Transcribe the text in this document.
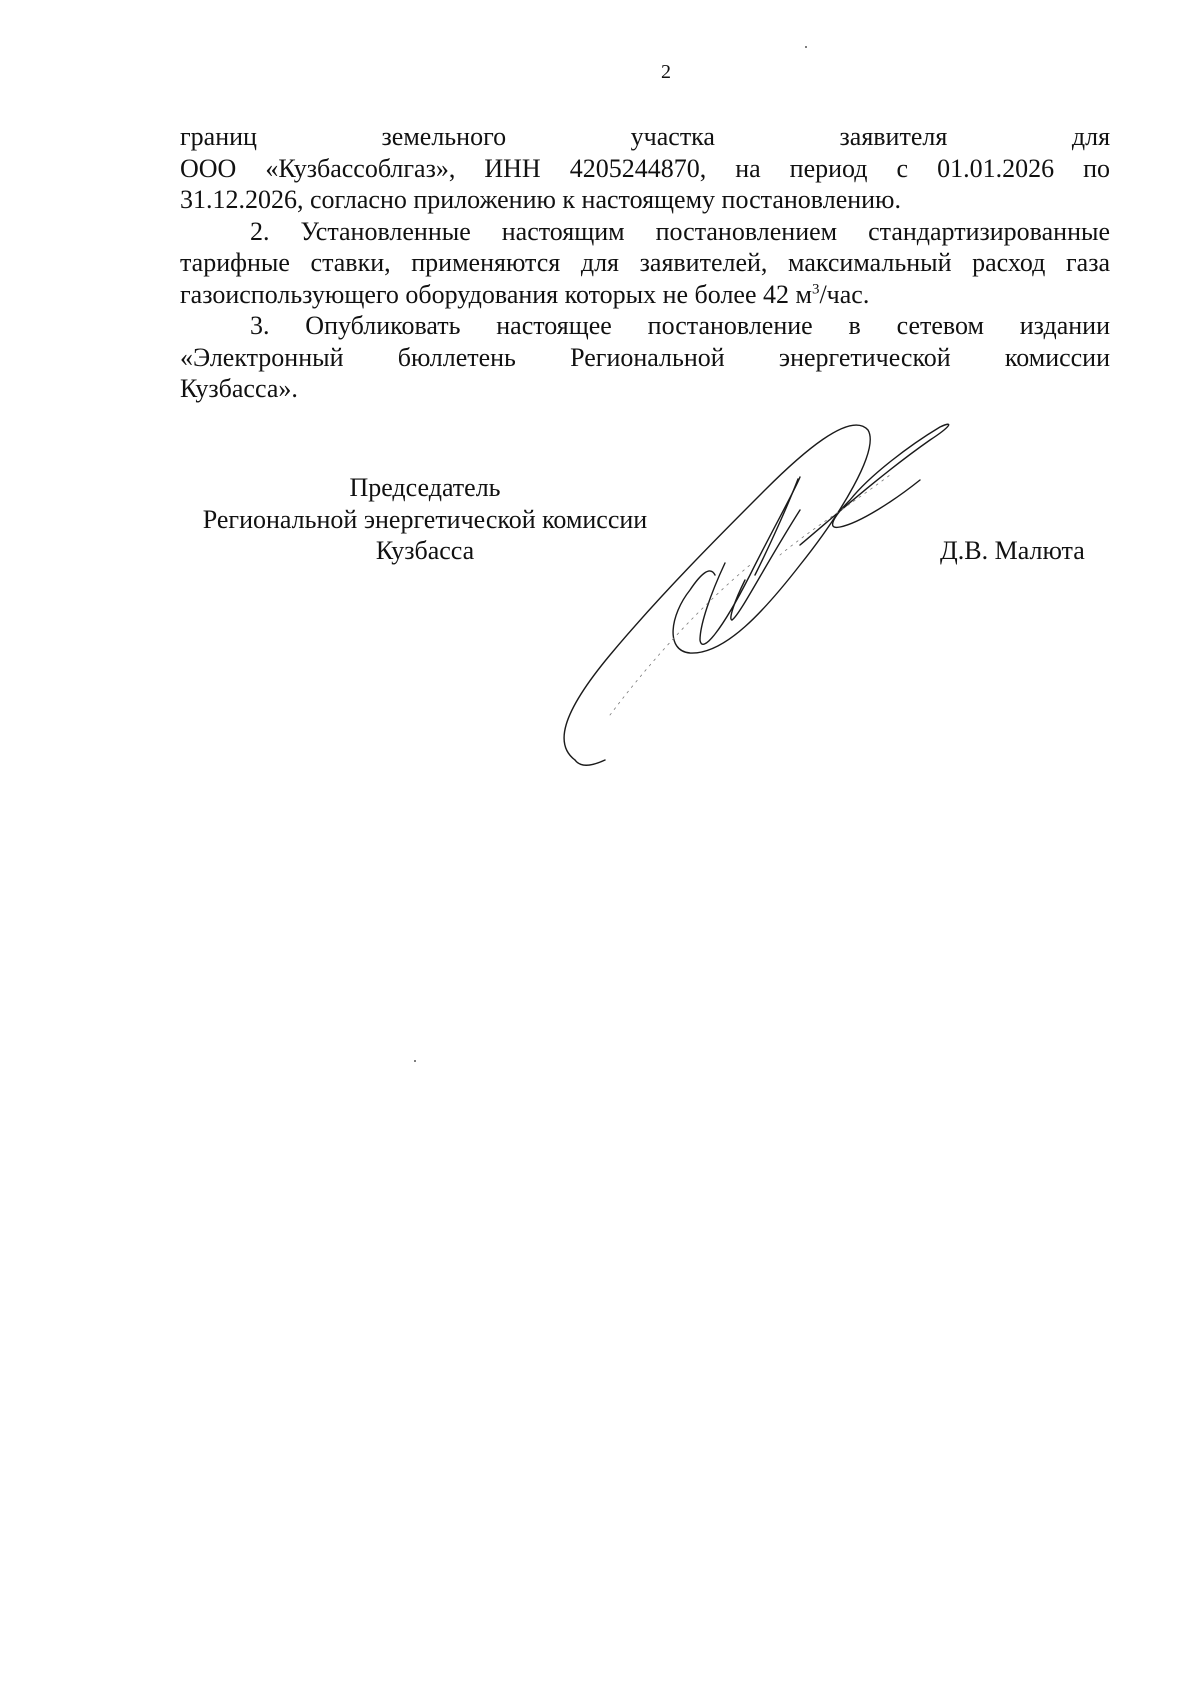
2
границ	земельного	участка	заявителя	для
ООО «Кузбассоблгаз», ИНН 4205244870, на период с 01.01.2026 по
31.12.2026, согласно приложению к настоящему постановлению.
2. Установленные настоящим постановлением стандартизированные
тарифные ставки, применяются для заявителей, максимальный расход газа
газоиспользующего оборудования которых не более 42 $м^3$/час.
3. Опубликовать настоящее постановление в сетевом издании
«Электронный бюллетень Региональной энергетической комиссии
Кузбасса».
Председатель
Региональной энергетической комиссии
Кузбасса	Д.В. Малюта
